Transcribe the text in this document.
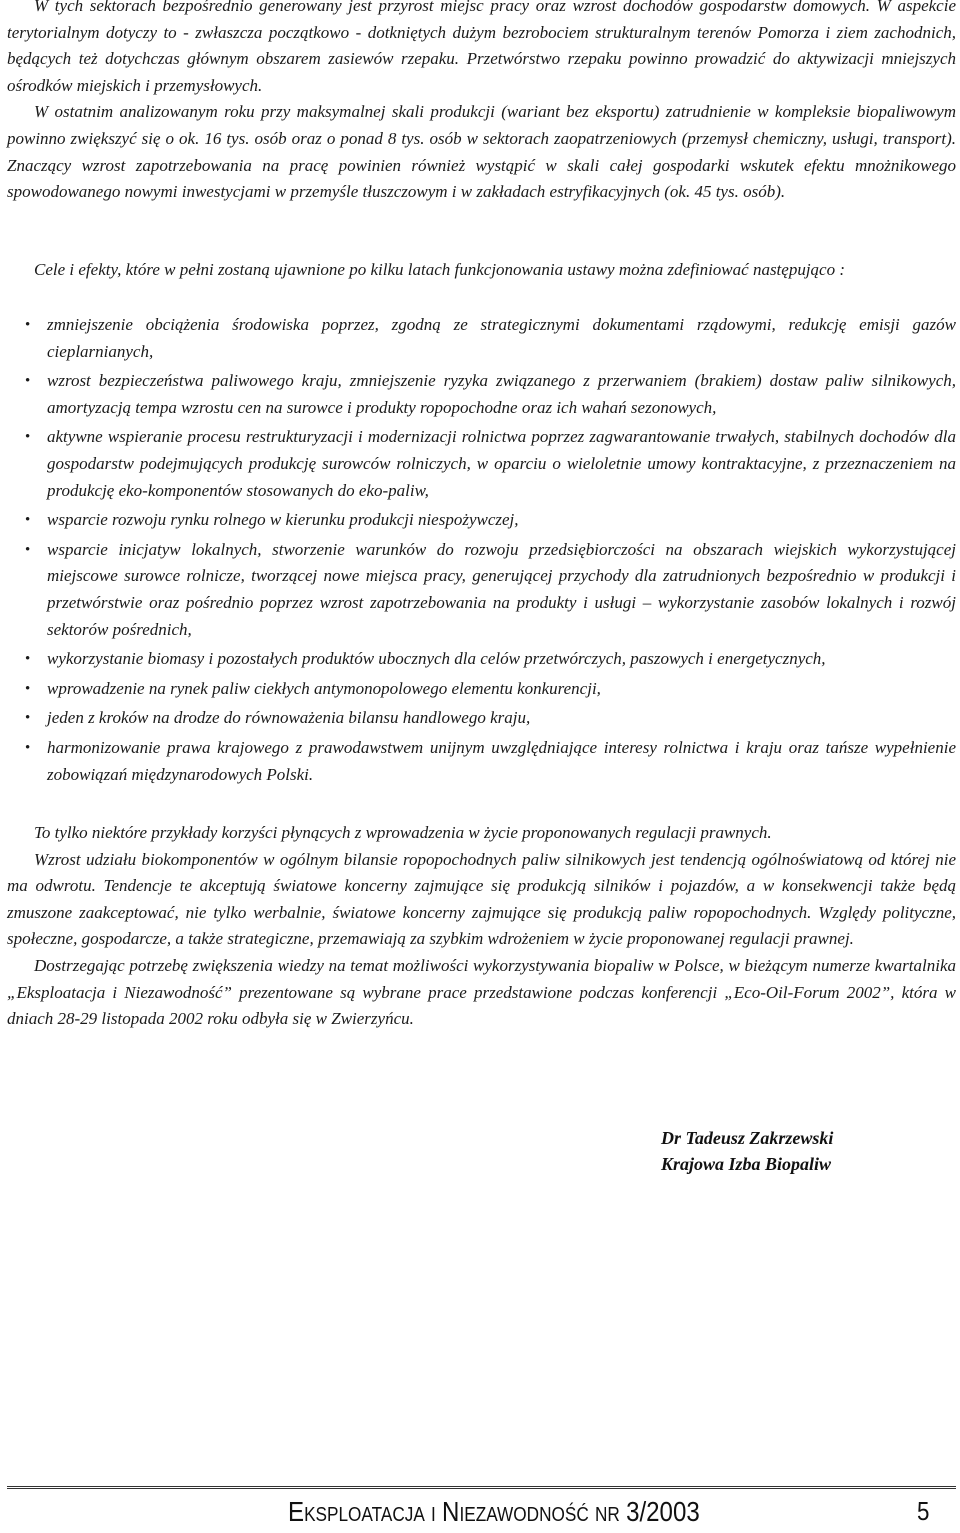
W tych sektorach bezpośrednio generowany jest przyrost miejsc pracy oraz wzrost dochodów gospodarstw domowych. W aspekcie terytorialnym dotyczy to - zwłaszcza początkowo - dotkniętych dużym bezrobociem strukturalnym terenów Pomorza i ziem zachodnich, będących też dotychczas głównym obszarem zasiewów rzepaku. Przetwórstwo rzepaku powinno prowadzić do aktywizacji mniejszych ośrodków miejskich i przemysłowych.

W ostatnim analizowanym roku przy maksymalnej skali produkcji (wariant bez eksportu) zatrudnienie w kompleksie biopaliwowym powinno zwiększyć się o ok. 16 tys. osób oraz o ponad 8 tys. osób w sektorach zaopatrzeniowych (przemysł chemiczny, usługi, transport). Znaczący wzrost zapotrzebowania na pracę powinien również wystąpić w skali całej gospodarki wskutek efektu mnożnikowego spowodowanego nowymi inwestycjami w przemyśle tłuszczowym i w zakładach estryfikacyjnych (ok. 45 tys. osób).

Cele i efekty, które w pełni zostaną ujawnione po kilku latach funkcjonowania ustawy można zdefiniować następująco :

• zmniejszenie obciążenia środowiska poprzez, zgodną ze strategicznymi dokumentami rządowymi, redukcję emisji gazów cieplarnianych,
• wzrost bezpieczeństwa paliwowego kraju, zmniejszenie ryzyka związanego z przerwaniem (brakiem) dostaw paliw silnikowych, amortyzacją tempa wzrostu cen na surowce i produkty ropopochodne oraz ich wahań sezonowych,
• aktywne wspieranie procesu restrukturyzacji i modernizacji rolnictwa poprzez zagwarantowanie trwałych, stabilnych dochodów dla gospodarstw podejmujących produkcję surowców rolniczych, w oparciu o wieloletnie umowy kontraktacyjne, z przeznaczeniem na produkcję eko-komponentów stosowanych do eko-paliw,
• wsparcie rozwoju rynku rolnego w kierunku produkcji niespożywczej,
• wsparcie inicjatyw lokalnych, stworzenie warunków do rozwoju przedsiębiorczości na obszarach wiejskich wykorzystującej miejscowe surowce rolnicze, tworzącej nowe miejsca pracy, generującej przychody dla zatrudnionych bezpośrednio w produkcji i przetwórstwie oraz pośrednio poprzez wzrost zapotrzebowania na produkty i usługi – wykorzystanie zasobów lokalnych i rozwój sektorów pośrednich,
• wykorzystanie biomasy i pozostałych produktów ubocznych dla celów przetwórczych, paszowych i energetycznych,
• wprowadzenie na rynek paliw ciekłych antymonopolowego elementu konkurencji,
• jeden z kroków na drodze do równoważenia bilansu handlowego kraju,
• harmonizowanie prawa krajowego z prawodawstwem unijnym uwzględniające interesy rolnictwa i kraju oraz tańsze wypełnienie zobowiązań międzynarodowych Polski.

To tylko niektóre przykłady korzyści płynących z wprowadzenia w życie proponowanych regulacji prawnych.

Wzrost udziału biokomponentów w ogólnym bilansie ropopochodnych paliw silnikowych jest tendencją ogólnoświatową od której nie ma odwrotu. Tendencje te akceptują światowe koncerny zajmujące się produkcją silników i pojazdów, a w konsekwencji także będą zmuszone zaakceptować, nie tylko werbalnie, światowe koncerny zajmujące się produkcją paliw ropopochodnych. Względy polityczne, społeczne, gospodarcze, a także strategiczne, przemawiają za szybkim wdrożeniem w życie proponowanej regulacji prawnej.

Dostrzegając potrzebę zwiększenia wiedzy na temat możliwości wykorzystywania biopaliw w Polsce, w bieżącym numerze kwartalnika „Eksploatacja i Niezawodność” prezentowane są wybrane prace przedstawione podczas konferencji „Eco-Oil-Forum 2002”, która w dniach 28-29 listopada 2002 roku odbyła się w Zwierzyńcu.

Dr Tadeusz Zakrzewski
Krajowa Izba Biopaliw
EKSPLOATACJA I NIEZAWODNOŚĆ NR 3/2003	5
